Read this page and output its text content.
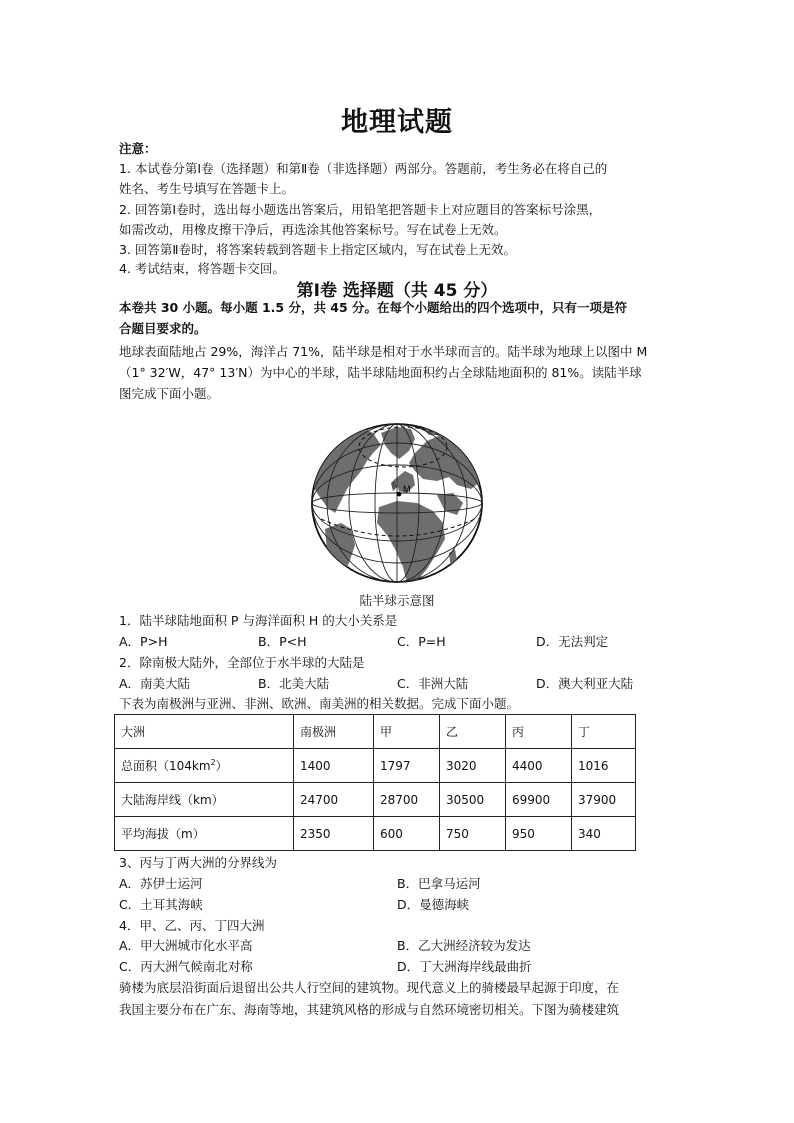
地理试题
注意：
1. 本试卷分第Ⅰ卷（选择题）和第Ⅱ卷（非选择题）两部分。答题前，考生务必在将自己的
姓名、考生号填写在答题卡上。
2. 回答第Ⅰ卷时，选出每小题选出答案后，用铅笔把答题卡上对应题目的答案标号涂黑，
如需改动，用橡皮擦干净后，再选涂其他答案标号。写在试卷上无效。
3. 回答第Ⅱ卷时，将答案转载到答题卡上指定区域内，写在试卷上无效。
4. 考试结束，将答题卡交回。
第Ⅰ卷 选择题（共 45 分）
本卷共 30 小题。每小题 1.5 分，共 45 分。在每个小题给出的四个选项中，只有一项是符
合题目要求的。
地球表面陆地占 29%，海洋占 71%，陆半球是相对于水半球而言的。陆半球为地球上以图中 M
（1° 32′W，47° 13′N）为中心的半球，陆半球陆地面积约占全球陆地面积的 81%。读陆半球
图完成下面小题。
M
陆半球示意图
1．陆半球陆地面积 P 与海洋面积 H 的大小关系是
A．P>H	B．P<H	C．P=H	D．无法判定
2．除南极大陆外，全部位于水半球的大陆是
A．南美大陆	B．北美大陆	C．非洲大陆	D．澳大利亚大陆
下表为南极洲与亚洲、非洲、欧洲、南美洲的相关数据。完成下面小题。
大洲	南极洲	甲	乙	丙	丁
总面积$(104km^2)$	1400	1797	3020	4400	1016
大陆海岸线（km）	24700	28700	30500	69900	37900
平均海拔（m）	2350	600	750	950	340
3、丙与丁两大洲的分界线为
A．苏伊士运河	B．巴拿马运河
C．土耳其海峡	D．曼德海峡
4．甲、乙、丙、丁四大洲
A．甲大洲城市化水平高	B．乙大洲经济较为发达
C．丙大洲气候南北对称	D．丁大洲海岸线最曲折
骑楼为底层沿街面后退留出公共人行空间的建筑物。现代意义上的骑楼最早起源于印度，在
我国主要分布在广东、海南等地，其建筑风格的形成与自然环境密切相关。下图为骑楼建筑
